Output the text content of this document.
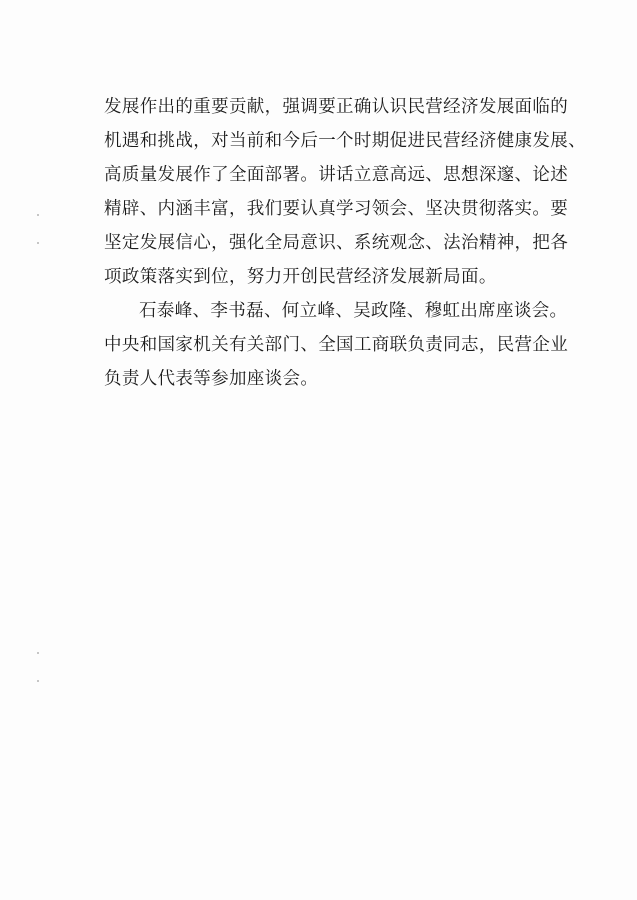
发展作出的重要贡献，强调要正确认识民营经济发展面临的
机遇和挑战，对当前和今后一个时期促进民营经济健康发展、
高质量发展作了全面部署。讲话立意高远、思想深邃、论述
精辟、内涵丰富，我们要认真学习领会、坚决贯彻落实。要
坚定发展信心，强化全局意识、系统观念、法治精神，把各
项政策落实到位，努力开创民营经济发展新局面。
石泰峰、李书磊、何立峰、吴政隆、穆虹出席座谈会。
中央和国家机关有关部门、全国工商联负责同志，民营企业
负责人代表等参加座谈会。
